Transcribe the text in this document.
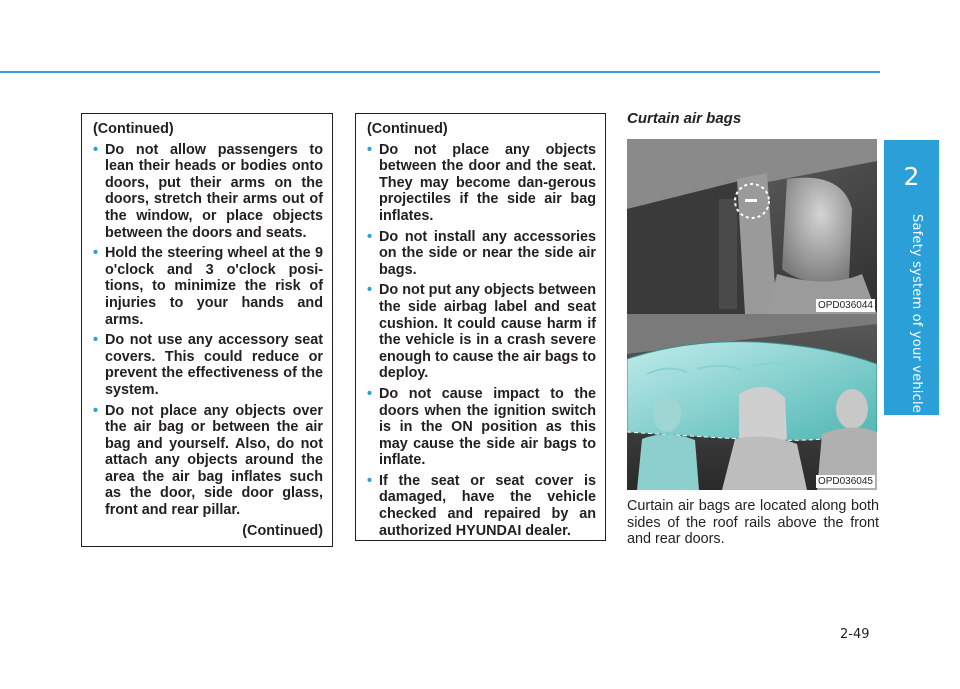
2
Safety system of your vehicle
(Continued)
• Do not allow passengers to lean their heads or bodies onto doors, put their arms on the doors, stretch their arms out of the window, or place objects between the doors and seats.
• Hold the steering wheel at the 9 o'clock and 3 o'clock posi-tions, to minimize the risk of injuries to your hands and arms.
• Do not use any accessory seat covers. This could reduce or prevent the effectiveness of the system.
• Do not place any objects over the air bag or between the air bag and yourself. Also, do not attach any objects around the area the air bag inflates such as the door, side door glass, front and rear pillar.
(Continued)
(Continued)
• Do not place any objects between the door and the seat. They may become dan-gerous projectiles if the side air bag inflates.
• Do not install any accessories on the side or near the side air bags.
• Do not put any objects between the side airbag label and seat cushion. It could cause harm if the vehicle is in a crash severe enough to cause the air bags to deploy.
• Do not cause impact to the doors when the ignition switch is in the ON position as this may cause the side air bags to inflate.
• If the seat or seat cover is damaged, have the vehicle checked and repaired by an authorized HYUNDAI dealer.
Curtain air bags
OPD036044
OPD036045

Curtain air bags are located along both sides of the roof rails above the front and rear doors.

2-49
